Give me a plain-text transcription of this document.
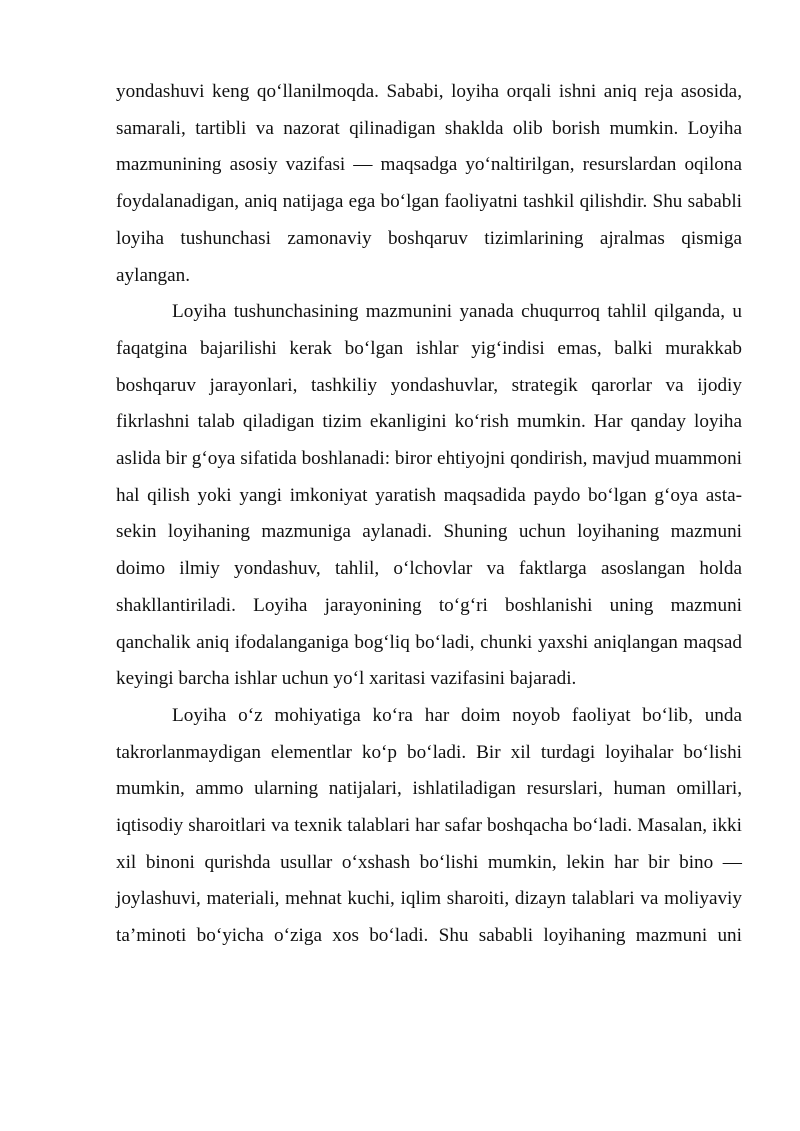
yondashuvi keng qo‘llanilmoqda. Sababi, loyiha orqali ishni aniq reja asosida, samarali, tartibli va nazorat qilinadigan shaklda olib borish mumkin. Loyiha mazmunining asosiy vazifasi — maqsadga yo‘naltirilgan, resurslardan oqilona foydalanadigan, aniq natijaga ega bo‘lgan faoliyatni tashkil qilishdir. Shu sababli loyiha tushunchasi zamonaviy boshqaruv tizimlarining ajralmas qismiga aylangan.

Loyiha tushunchasining mazmunini yanada chuqurroq tahlil qilganda, u faqatgina bajarilishi kerak bo‘lgan ishlar yig‘indisi emas, balki murakkab boshqaruv jarayonlari, tashkiliy yondashuvlar, strategik qarorlar va ijodiy fikrlashni talab qiladigan tizim ekanligini ko‘rish mumkin. Har qanday loyiha aslida bir g‘oya sifatida boshlanadi: biror ehtiyojni qondirish, mavjud muammoni hal qilish yoki yangi imkoniyat yaratish maqsadida paydo bo‘lgan g‘oya asta-sekin loyihaning mazmuniga aylanadi. Shuning uchun loyihaning mazmuni doimo ilmiy yondashuv, tahlil, o‘lchovlar va faktlarga asoslangan holda shakllantiriladi. Loyiha jarayonining to‘g‘ri boshlanishi uning mazmuni qanchalik aniq ifodalanganiga bog‘liq bo‘ladi, chunki yaxshi aniqlangan maqsad keyingi barcha ishlar uchun yo‘l xaritasi vazifasini bajaradi.

Loyiha o‘z mohiyatiga ko‘ra har doim noyob faoliyat bo‘lib, unda takrorlanmaydigan elementlar ko‘p bo‘ladi. Bir xil turdagi loyihalar bo‘lishi mumkin, ammo ularning natijalari, ishlatiladigan resurslari, human omillari, iqtisodiy sharoitlari va texnik talablari har safar boshqacha bo‘ladi. Masalan, ikki xil binoni qurishda usullar o‘xshash bo‘lishi mumkin, lekin har bir bino — joylashuvi, materiali, mehnat kuchi, iqlim sharoiti, dizayn talablari va moliyaviy ta’minoti bo‘yicha o‘ziga xos bo‘ladi. Shu sababli loyihaning mazmuni uni
